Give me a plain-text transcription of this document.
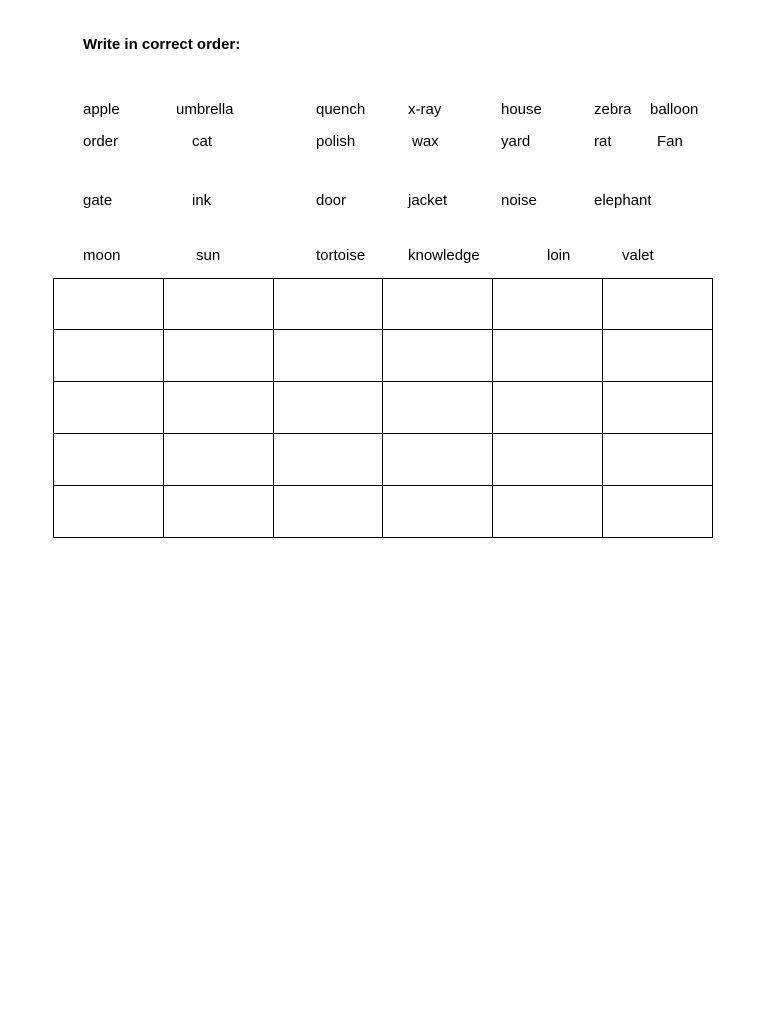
Write in correct order:
apple	umbrella	quench	x-ray	house	zebra balloon
order	cat	polish	wax	yard	rat	Fan
gate	ink	door	jacket	noise	elephant
moon	sun	tortoise	knowledge	loin	valet
